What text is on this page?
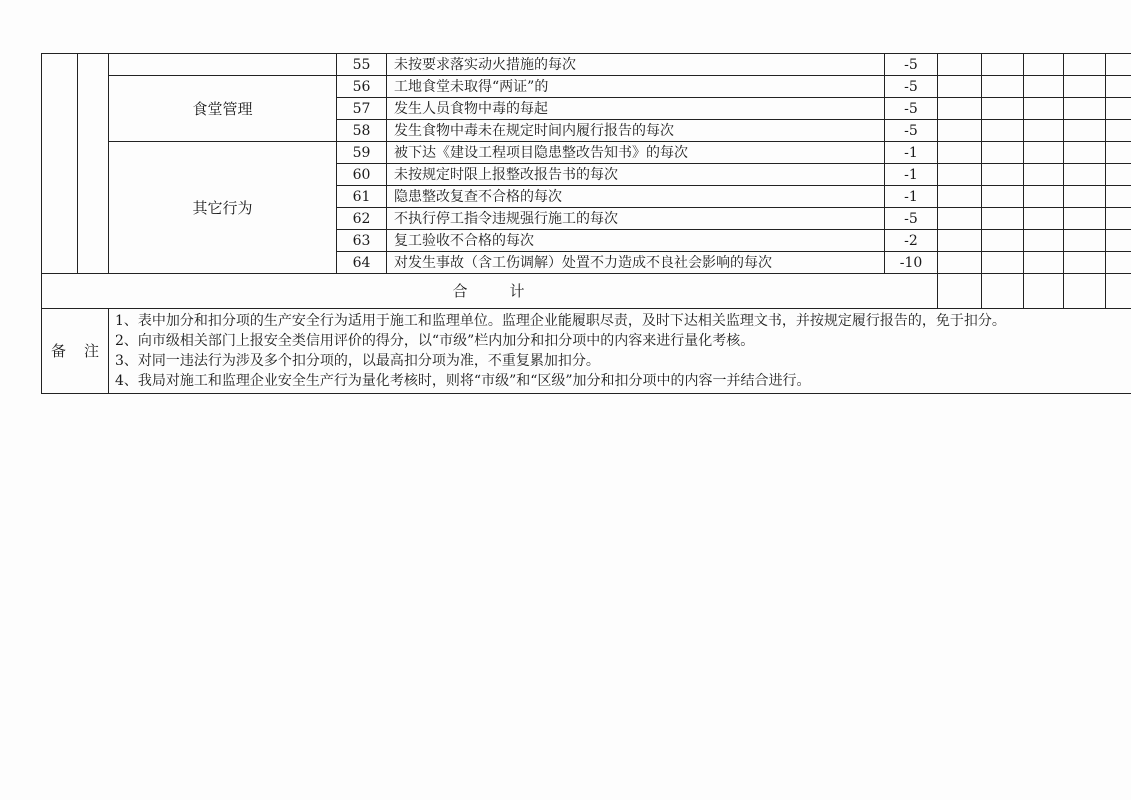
			55	未按要求落实动火措施的每次	-5					
		食堂管理	56	工地食堂未取得“两证”的	-5					
			57	发生人员食物中毒的每起	-5					
			58	发生食物中毒未在规定时间内履行报告的每次	-5					
		其它行为	59	被下达《建设工程项目隐患整改告知书》的每次	-1					
			60	未按规定时限上报整改报告书的每次	-1					
			61	隐患整改复查不合格的每次	-1					
			62	不执行停工指令违规强行施工的每次	-5					
			63	复工验收不合格的每次	-2					
			64	对发生事故（含工伤调解）处置不力造成不良社会影响的每次	-10					
合 计										
备 注		1、表中加分和扣分项的生产安全行为适用于施工和监理单位。监理企业能履职尽责，及时下达相关监理文书，并按规定履行报告的，免于扣分。
2、向市级相关部门上报安全类信用评价的得分，以“市级”栏内加分和扣分项中的内容来进行量化考核。
3、对同一违法行为涉及多个扣分项的，以最高扣分项为准，不重复累加扣分。
4、我局对施工和监理企业安全生产行为量化考核时，则将“市级”和“区级”加分和扣分项中的内容一并结合进行。								
